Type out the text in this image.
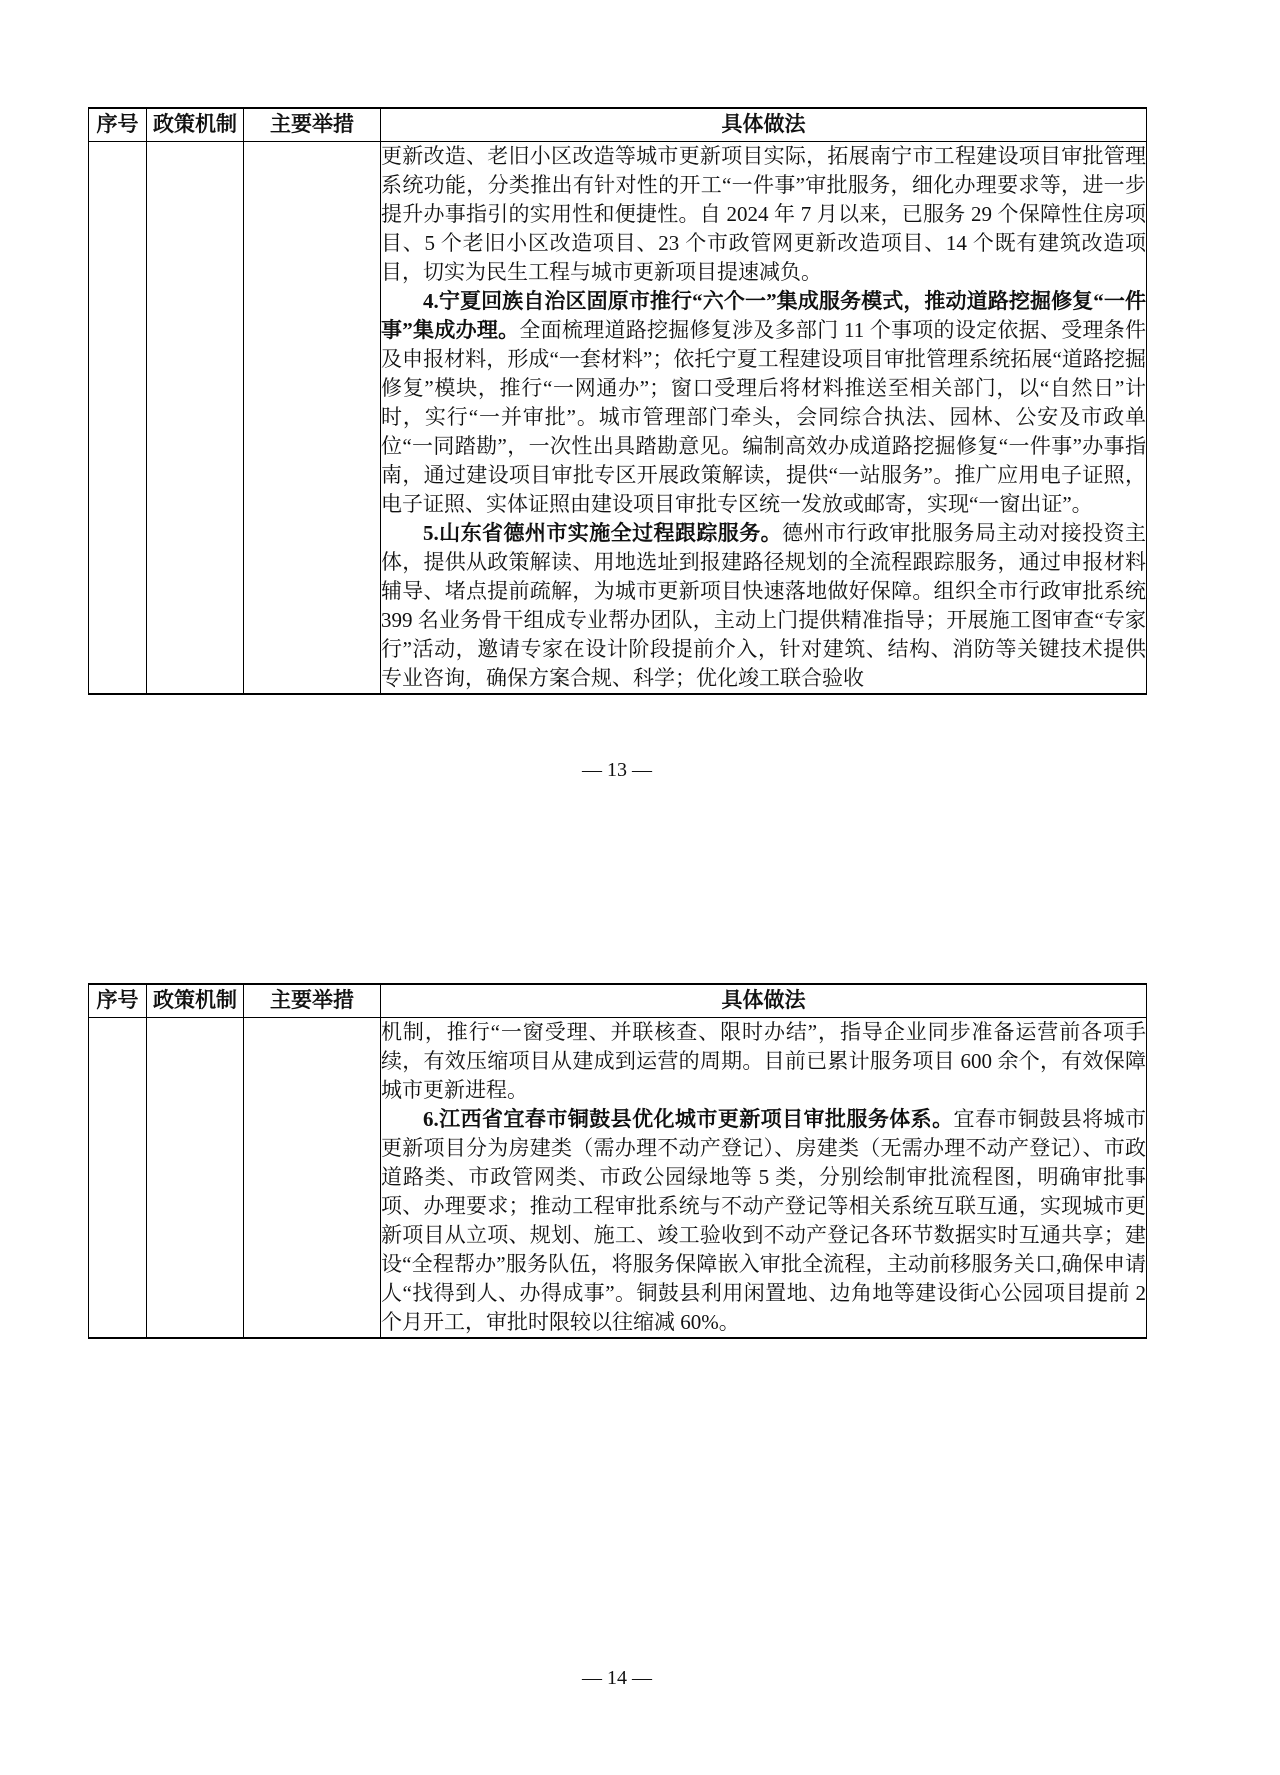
序号	政策机制	主要举措	具体做法

			更新改造、老旧小区改造等城市更新项目实际，拓展南宁市工程建设项目审批管理系统功能，分类推出有针对性的开工“一件事”审批服务，细化办理要求等，进一步提升办事指引的实用性和便捷性。自 2024 年 7 月以来，已服务 29 个保障性住房项目、5 个老旧小区改造项目、23 个市政管网更新改造项目、14 个既有建筑改造项目，切实为民生工程与城市更新项目提速减负。

4.宁夏回族自治区固原市推行“六个一”集成服务模式，推动道路挖掘修复“一件事”集成办理。全面梳理道路挖掘修复涉及多部门 11 个事项的设定依据、受理条件及申报材料，形成“一套材料”；依托宁夏工程建设项目审批管理系统拓展“道路挖掘修复”模块，推行“一网通办”；窗口受理后将材料推送至相关部门，以“自然日”计时，实行“一并审批”。城市管理部门牵头，会同综合执法、园林、公安及市政单位“一同踏勘”，一次性出具踏勘意见。编制高效办成道路挖掘修复“一件事”办事指南，通过建设项目审批专区开展政策解读，提供“一站服务”。推广应用电子证照，电子证照、实体证照由建设项目审批专区统一发放或邮寄，实现“一窗出证”。

5.山东省德州市实施全过程跟踪服务。德州市行政审批服务局主动对接投资主体，提供从政策解读、用地选址到报建路径规划的全流程跟踪服务，通过申报材料辅导、堵点提前疏解，为城市更新项目快速落地做好保障。组织全市行政审批系统 399 名业务骨干组成专业帮办团队，主动上门提供精准指导；开展施工图审查“专家行”活动，邀请专家在设计阶段提前介入，针对建筑、结构、消防等关键技术提供专业咨询，确保方案合规、科学；优化竣工联合验收

— 13 —
序号	政策机制	主要举措	具体做法

			机制，推行“一窗受理、并联核查、限时办结”，指导企业同步准备运营前各项手续，有效压缩项目从建成到运营的周期。目前已累计服务项目 600 余个，有效保障城市更新进程。

6.江西省宜春市铜鼓县优化城市更新项目审批服务体系。宜春市铜鼓县将城市更新项目分为房建类（需办理不动产登记）、房建类（无需办理不动产登记）、市政道路类、市政管网类、市政公园绿地等 5 类，分别绘制审批流程图，明确审批事项、办理要求；推动工程审批系统与不动产登记等相关系统互联互通，实现城市更新项目从立项、规划、施工、竣工验收到不动产登记各环节数据实时互通共享；建设“全程帮办”服务队伍，将服务保障嵌入审批全流程，主动前移服务关口,确保申请人“找得到人、办得成事”。铜鼓县利用闲置地、边角地等建设街心公园项目提前 2 个月开工，审批时限较以往缩减 60%。

— 14 —
